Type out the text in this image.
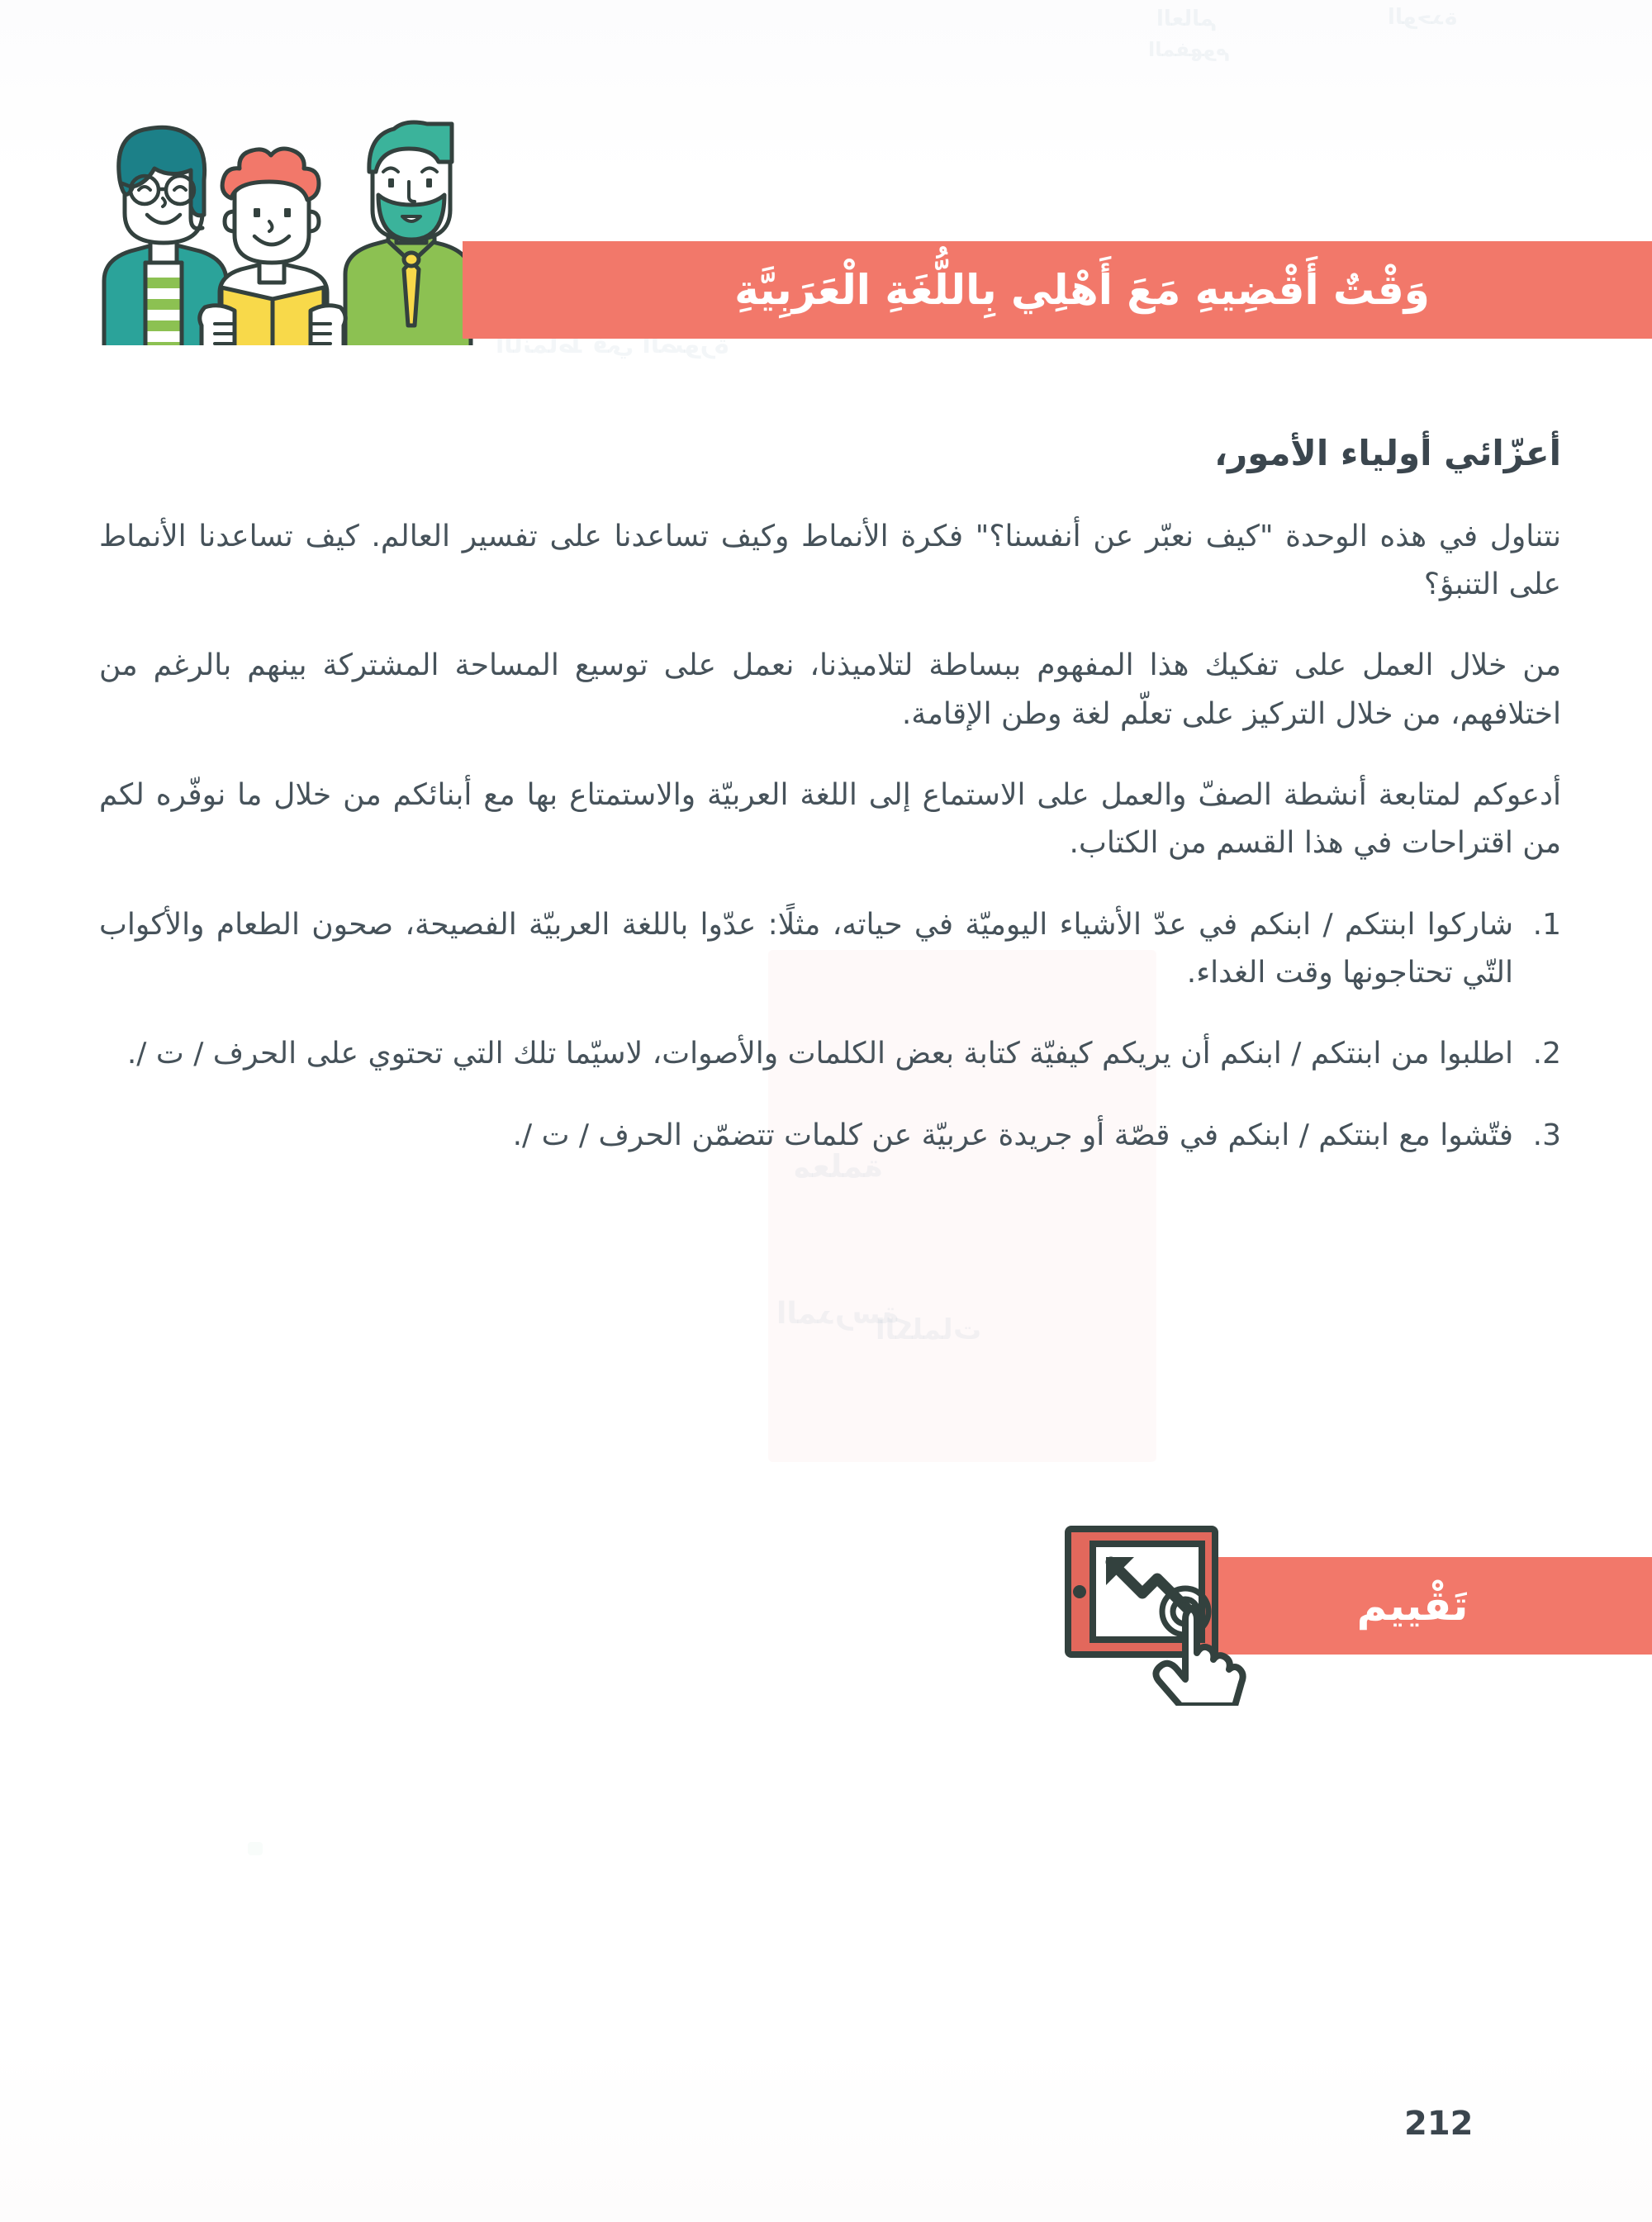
العالم	الوحدة
المفهوم
الأنماط في الصورة
معلمة
المدرسة
الكلمات
وَقْتٌ أَقْضِيهِ مَعَ أَهْلِي بِاللُّغَةِ الْعَرَبِيَّةِ
أعزّائي أولياء الأمور،

نتناول في هذه الوحدة "كيف نعبّر عن أنفسنا؟" فكرة الأنماط وكيف تساعدنا على تفسير العالم. كيف تساعدنا الأنماط على التنبؤ؟

من خلال العمل على تفكيك هذا المفهوم ببساطة لتلاميذنا، نعمل على توسيع المساحة المشتركة بينهم بالرغم من اختلافهم، من خلال التركيز على تعلّم لغة وطن الإقامة.

أدعوكم لمتابعة أنشطة الصفّ والعمل على الاستماع إلى اللغة العربيّة والاستمتاع بها مع أبنائكم من خلال ما نوفّره لكم من اقتراحات في هذا القسم من الكتاب.

.1
شاركوا ابنتكم / ابنكم في عدّ الأشياء اليوميّة في حياته، مثلًا: عدّوا باللغة العربيّة الفصيحة، صحون الطعام والأكواب التّي تحتاجونها وقت الغداء.
.2
اطلبوا من ابنتكم / ابنكم أن يريكم كيفيّة كتابة بعض الكلمات والأصوات، لاسيّما تلك التي تحتوي على الحرف / ت /.
.3
فتّشوا مع ابنتكم / ابنكم في قصّة أو جريدة عربيّة عن كلمات تتضمّن الحرف / ت /.
تَقْييم
212
